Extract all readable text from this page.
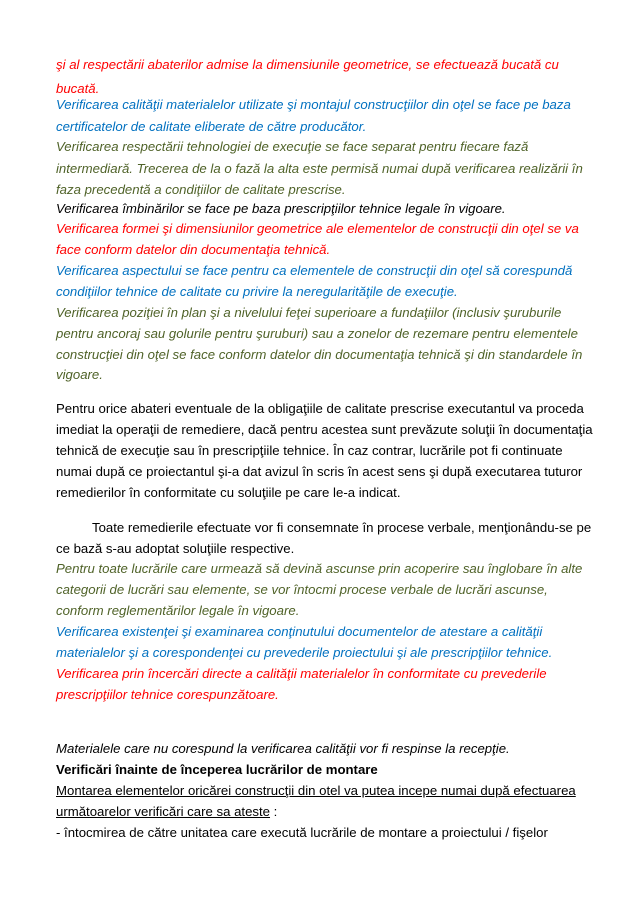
şi al respectării abaterilor admise la dimensiunile geometrice, se efectuează bucată cu
bucată.
Verificarea calităţii materialelor utilizate şi montajul construcţiilor din oţel se face pe baza
certificatelor de calitate eliberate de către producător.
Verificarea respectării tehnologiei de execuţie se face separat pentru fiecare fază
intermediară. Trecerea de la o fază la alta este permisă numai după verificarea realizării în
faza precedentă a condiţiilor de calitate prescrise.
Verificarea îmbinărilor se face pe baza prescripţiilor tehnice legale în vigoare.
Verificarea formei şi dimensiunilor geometrice ale elementelor de construcţii din oţel se va
face conform datelor din documentaţia tehnică.
Verificarea aspectului se face pentru ca elementele de construcţii din oţel să corespundă
condiţiilor tehnice de calitate cu privire la neregularităţile de execuţie.
Verificarea poziţiei în plan şi a nivelului feţei superioare a fundaţiilor (inclusiv şuruburile
pentru ancoraj sau golurile pentru şuruburi) sau a zonelor de rezemare pentru elementele
construcţiei din oţel se face conform datelor din documentaţia tehnică şi din standardele în
vigoare.
Pentru orice abateri eventuale de la obligaţiile de calitate prescrise executantul va proceda
imediat la operaţii de remediere, dacă pentru acestea sunt prevăzute soluţii în documentaţia
tehnică de execuţie sau în prescripţiile tehnice. În caz contrar, lucrările pot fi continuate
numai după ce proiectantul şi-a dat avizul în scris în acest sens şi după executarea tuturor
remedierilor în conformitate cu soluţiile pe care le-a indicat.
Toate remedierile efectuate vor fi consemnate în procese verbale, menţionându-se pe
ce bază s-au adoptat soluţiile respective.
Pentru toate lucrările care urmează să devină ascunse prin acoperire sau înglobare în alte
categorii de lucrări sau elemente, se vor întocmi procese verbale de lucrări ascunse,
conform reglementărilor legale în vigoare.
Verificarea existenţei şi examinarea conţinutului documentelor de atestare a calităţii
materialelor şi a corespondenţei cu prevederile proiectului şi ale prescripţiilor tehnice.
Verificarea prin încercări directe a calităţii materialelor în conformitate cu prevederile
prescripţiilor tehnice corespunzătoare.
Materialele care nu corespund la verificarea calităţii vor fi respinse la recepţie.
Verificări înainte de începerea lucrărilor de montare
Montarea elementelor oricărei construcţii din otel va putea incepe numai după efectuarea
următoarelor verificări care sa ateste :
- întocmirea de către unitatea care execută lucrările de montare a proiectului / fişelor
